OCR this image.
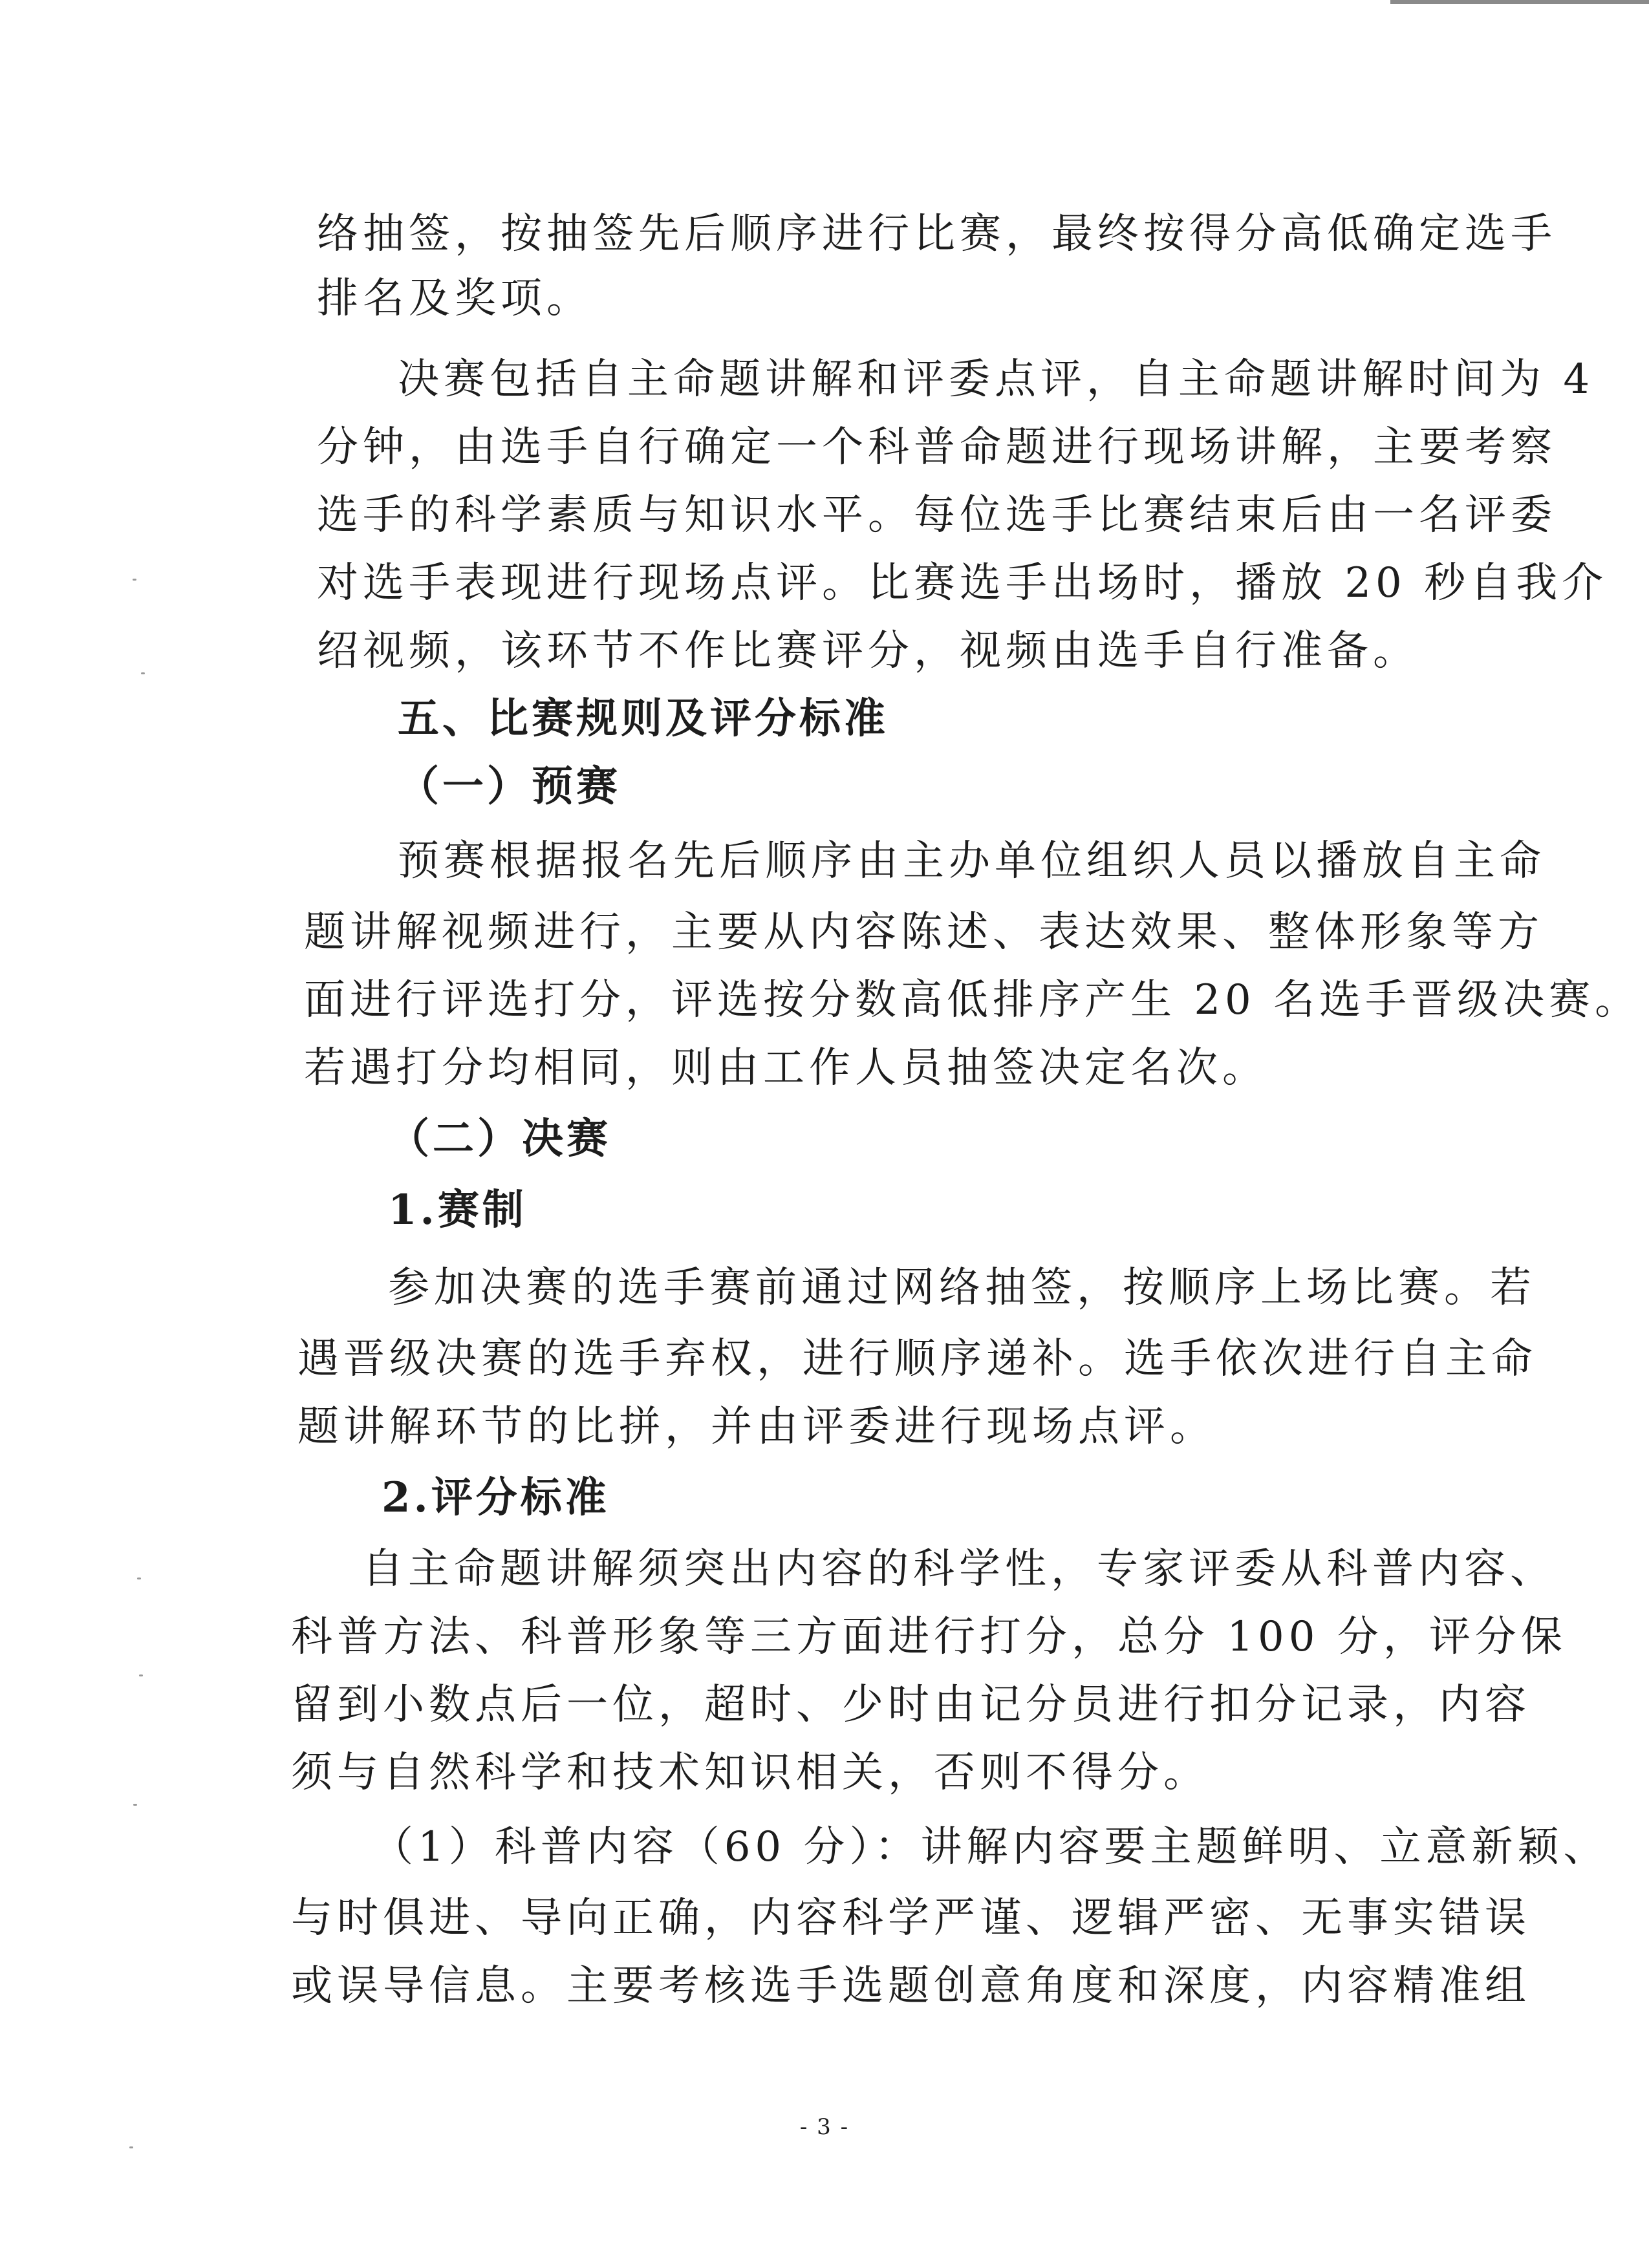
络抽签，按抽签先后顺序进行比赛，最终按得分高低确定选手
排名及奖项。
决赛包括自主命题讲解和评委点评，自主命题讲解时间为 4
分钟，由选手自行确定一个科普命题进行现场讲解，主要考察
选手的科学素质与知识水平。每位选手比赛结束后由一名评委
对选手表现进行现场点评。比赛选手出场时，播放 20 秒自我介
绍视频，该环节不作比赛评分，视频由选手自行准备。
五、比赛规则及评分标准
（一）预赛
预赛根据报名先后顺序由主办单位组织人员以播放自主命
题讲解视频进行，主要从内容陈述、表达效果、整体形象等方
面进行评选打分，评选按分数高低排序产生 20 名选手晋级决赛。
若遇打分均相同，则由工作人员抽签决定名次。
（二）决赛
1.赛制
参加决赛的选手赛前通过网络抽签，按顺序上场比赛。若
遇晋级决赛的选手弃权，进行顺序递补。选手依次进行自主命
题讲解环节的比拼，并由评委进行现场点评。
2.评分标准
自主命题讲解须突出内容的科学性，专家评委从科普内容、
科普方法、科普形象等三方面进行打分，总分 100 分，评分保
留到小数点后一位，超时、少时由记分员进行扣分记录，内容
须与自然科学和技术知识相关，否则不得分。
（1）科普内容（60 分）：讲解内容要主题鲜明、立意新颖、
与时俱进、导向正确，内容科学严谨、逻辑严密、无事实错误
或误导信息。主要考核选手选题创意角度和深度，内容精准组
- 3 -
